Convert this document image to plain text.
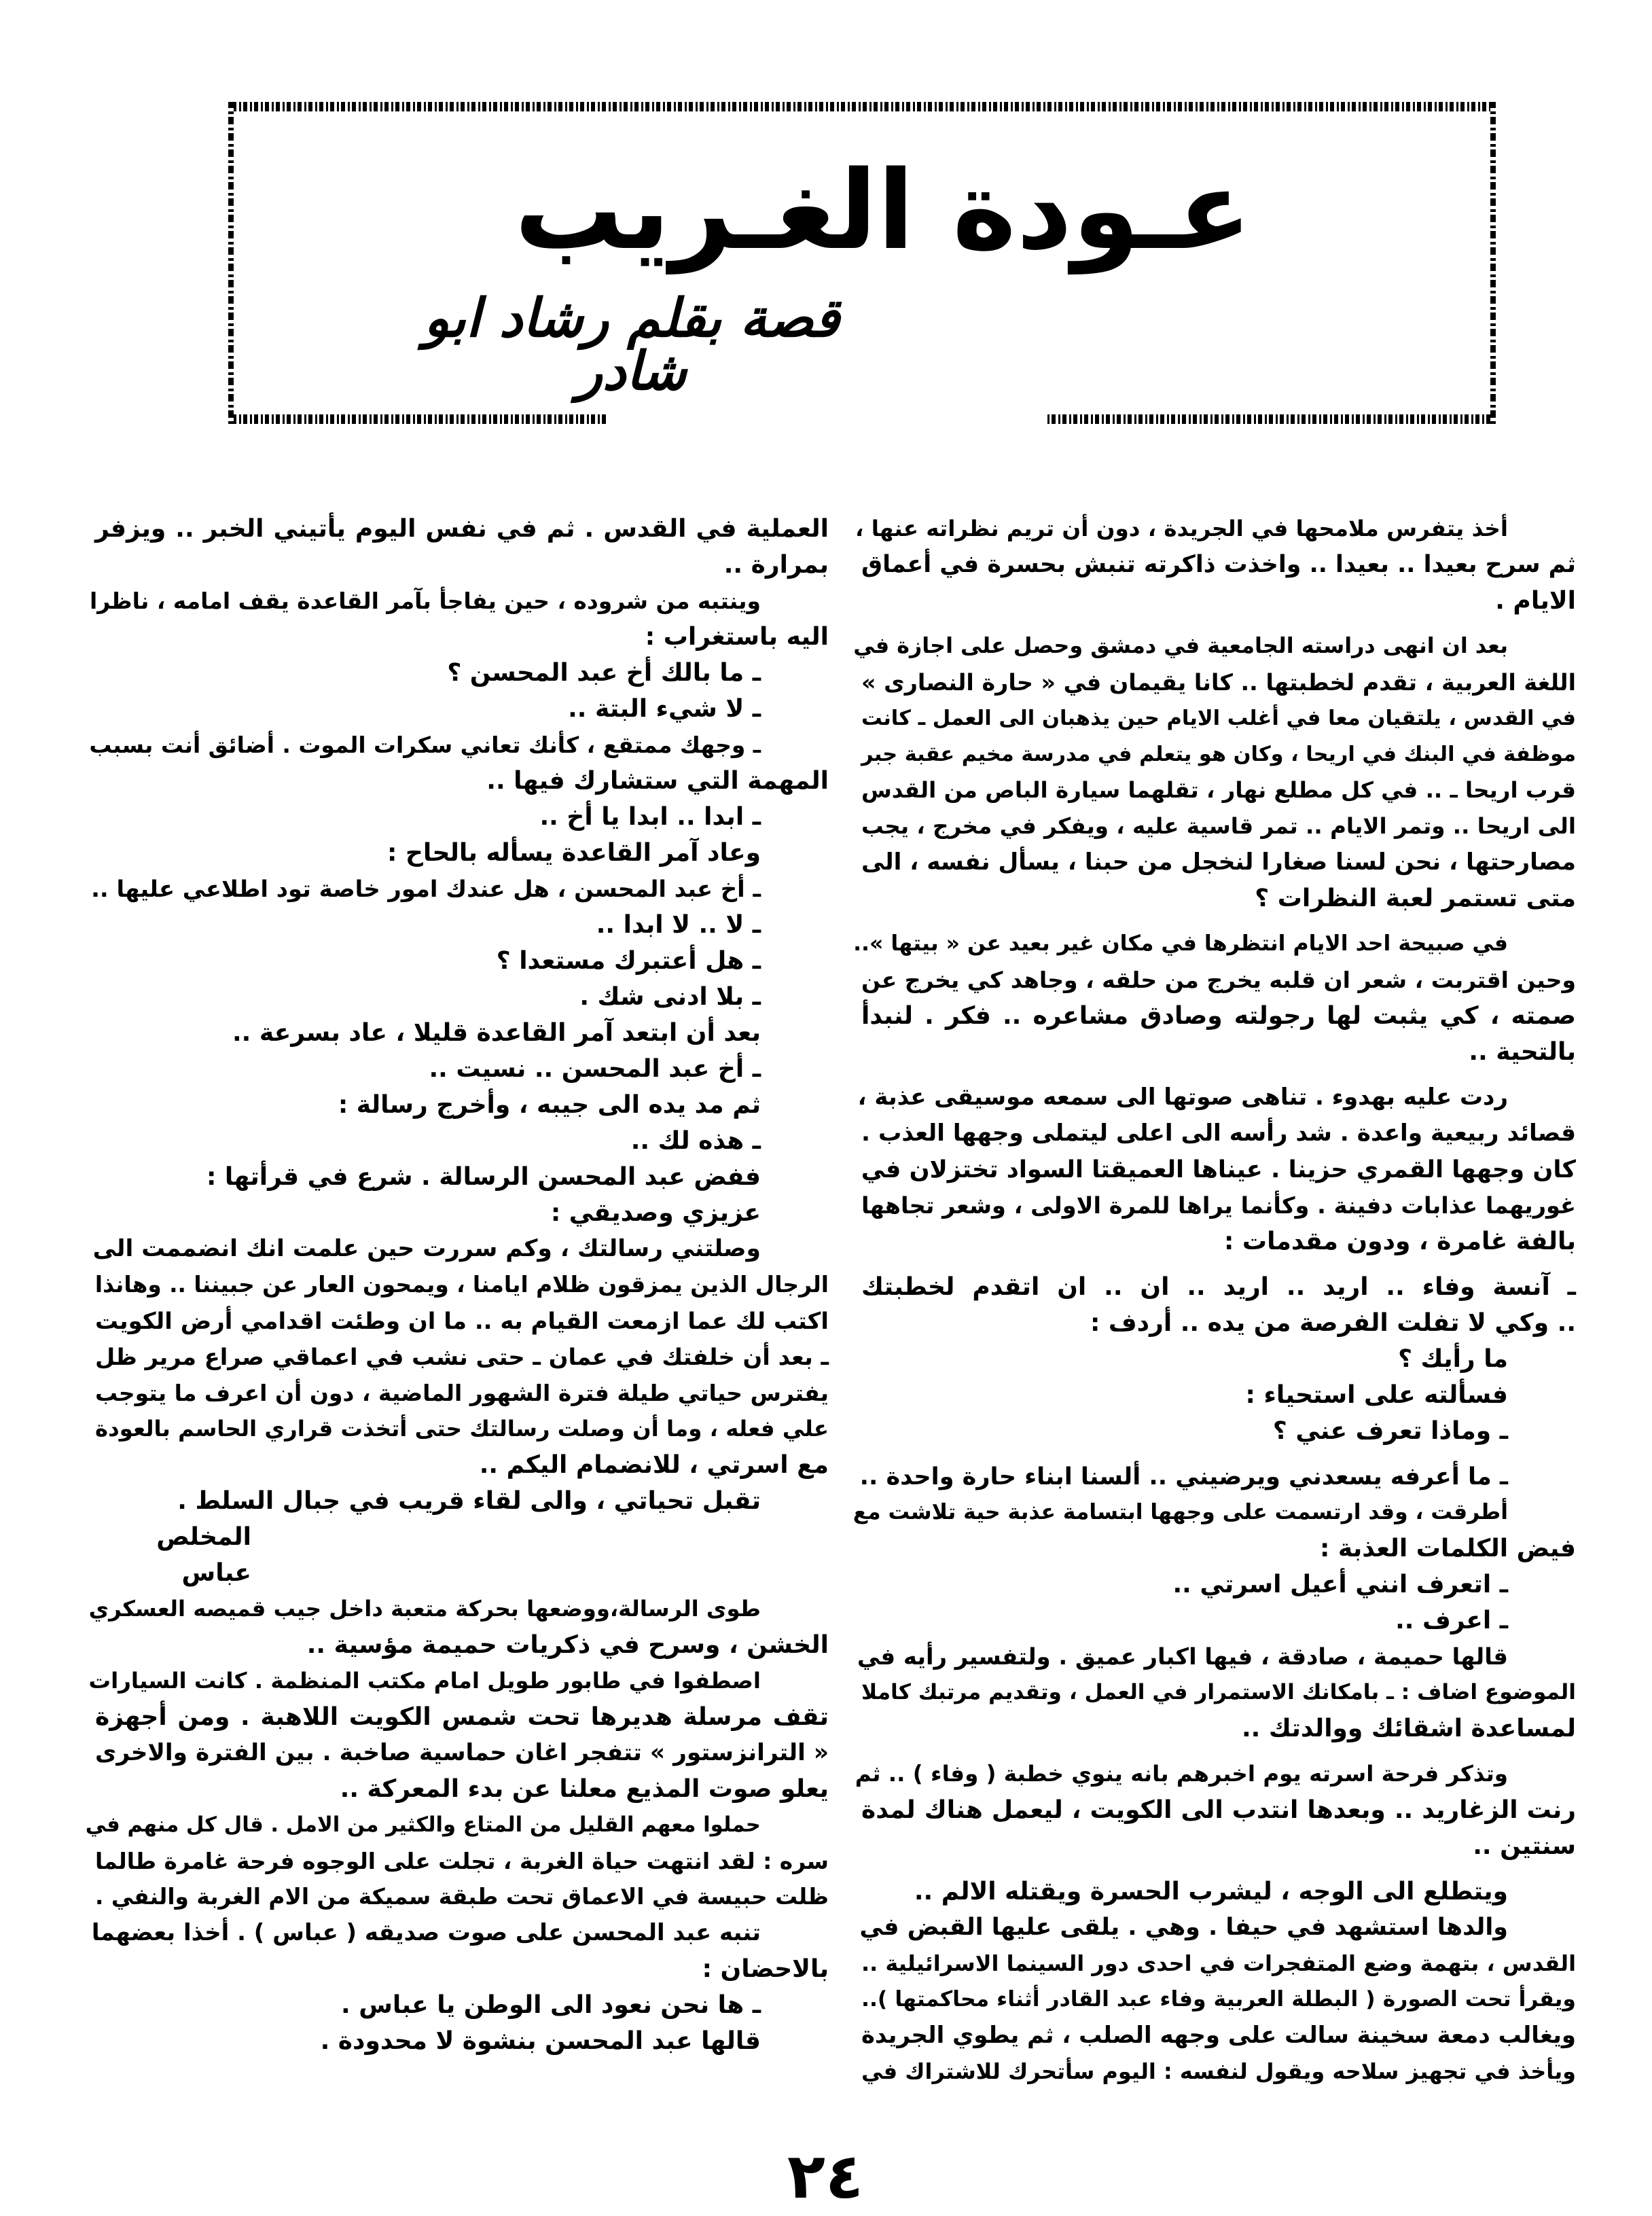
عـودة الغـريب
قصة بقلم رشاد ابو شادر
أخذ يتفرس ملامحها في الجريدة ، دون أن تريم نظراته عنها ،
ثم سرح بعيدا .. بعيدا .. واخذت ذاكرته تنبش بحسرة في أعماق
الايام .
بعد ان انهى دراسته الجامعية في دمشق وحصل على اجازة في
اللغة العربية ، تقدم لخطبتها .. كانا يقيمان في « حارة النصارى »
في القدس ، يلتقيان معا في أغلب الايام حين يذهبان الى العمل ـ كانت
موظفة في البنك في اريحا ، وكان هو يتعلم في مدرسة مخيم عقبة جبر
قرب اريحا ـ .. في كل مطلع نهار ، تقلهما سيارة الباص من القدس
الى اريحا .. وتمر الايام .. تمر قاسية عليه ، ويفكر في مخرج ، يجب
مصارحتها ، نحن لسنا صغارا لنخجل من حبنا ، يسأل نفسه ، الى
متى تستمر لعبة النظرات ؟
في صبيحة احد الايام انتظرها في مكان غير بعيد عن « بيتها »..
وحين اقتربت ، شعر ان قلبه يخرج من حلقه ، وجاهد كي يخرج عن
صمته ، كي يثبت لها رجولته وصادق مشاعره .. فكر . لنبدأ
بالتحية ..
ردت عليه بهدوء . تناهى صوتها الى سمعه موسيقى عذبة ،
قصائد ربيعية واعدة . شد رأسه الى اعلى ليتملى وجهها العذب .
كان وجهها القمري حزينا . عيناها العميقتا السواد تختزلان في
غوريهما عذابات دفينة . وكأنما يراها للمرة الاولى ، وشعر تجاهها
بالفة غامرة ، ودون مقدمات :
ـ آنسة وفاء .. اريد .. اريد .. ان .. ان اتقدم لخطبتك
.. وكي لا تفلت الفرصة من يده .. أردف :
ما رأيك ؟
فسألته على استحياء :
ـ وماذا تعرف عني ؟
ـ ما أعرفه يسعدني ويرضيني .. ألسنا ابناء حارة واحدة ..
أطرقت ، وقد ارتسمت على وجهها ابتسامة عذبة حية تلاشت مع
فيض الكلمات العذبة :
ـ اتعرف انني أعيل اسرتي ..
ـ اعرف ..
قالها حميمة ، صادقة ، فيها اكبار عميق . ولتفسير رأيه في
الموضوع اضاف : ـ بامكانك الاستمرار في العمل ، وتقديم مرتبك كاملا
لمساعدة اشقائك ووالدتك ..
وتذكر فرحة اسرته يوم اخبرهم بانه ينوي خطبة ( وفاء ) .. ثم
رنت الزغاريد .. وبعدها انتدب الى الكويت ، ليعمل هناك لمدة
سنتين ..
ويتطلع الى الوجه ، ليشرب الحسرة ويقتله الالم ..
والدها استشهد في حيفا . وهي . يلقى عليها القبض في
القدس ، بتهمة وضع المتفجرات في احدى دور السينما الاسرائيلية ..
ويقرأ تحت الصورة ( البطلة العربية وفاء عبد القادر أثناء محاكمتها )..
ويغالب دمعة سخينة سالت على وجهه الصلب ، ثم يطوي الجريدة
ويأخذ في تجهيز سلاحه ويقول لنفسه : اليوم سأتحرك للاشتراك في
العملية في القدس . ثم في نفس اليوم يأتيني الخبر .. ويزفر
بمرارة ..
وينتبه من شروده ، حين يفاجأ بآمر القاعدة يقف امامه ، ناظرا
اليه باستغراب :
ـ ما بالك أخ عبد المحسن ؟
ـ لا شيء البتة ..
ـ وجهك ممتقع ، كأنك تعاني سكرات الموت . أضائق أنت بسبب
المهمة التي ستشارك فيها ..
ـ ابدا .. ابدا يا أخ ..
وعاد آمر القاعدة يسأله بالحاح :
ـ أخ عبد المحسن ، هل عندك امور خاصة تود اطلاعي عليها ..
ـ لا .. لا ابدا ..
ـ هل أعتبرك مستعدا ؟
ـ بلا ادنى شك .
بعد أن ابتعد آمر القاعدة قليلا ، عاد بسرعة ..
ـ أخ عبد المحسن .. نسيت ..
ثم مد يده الى جيبه ، وأخرج رسالة :
ـ هذه لك ..
ففض عبد المحسن الرسالة . شرع في قرأتها :
عزيزي وصديقي :
وصلتني رسالتك ، وكم سررت حين علمت انك انضممت الى
الرجال الذين يمزقون ظلام ايامنا ، ويمحون العار عن جبيننا .. وهانذا
اكتب لك عما ازمعت القيام به .. ما ان وطئت اقدامي أرض الكويت
ـ بعد أن خلفتك في عمان ـ حتى نشب في اعماقي صراع مرير ظل
يفترس حياتي طيلة فترة الشهور الماضية ، دون أن اعرف ما يتوجب
علي فعله ، وما أن وصلت رسالتك حتى أتخذت قراري الحاسم بالعودة
مع اسرتي ، للانضمام اليكم ..
تقبل تحياتي ، والى لقاء قريب في جبال السلط .
المخلص
عباس
طوى الرسالة،ووضعها بحركة متعبة داخل جيب قميصه العسكري
الخشن ، وسرح في ذكريات حميمة مؤسية ..
اصطفوا في طابور طويل امام مكتب المنظمة . كانت السيارات
تقف مرسلة هديرها تحت شمس الكويت اللاهبة . ومن أجهزة
« الترانزستور » تتفجر اغان حماسية صاخبة . بين الفترة والاخرى
يعلو صوت المذيع معلنا عن بدء المعركة ..
حملوا معهم القليل من المتاع والكثير من الامل . قال كل منهم في
سره : لقد انتهت حياة الغربة ، تجلت على الوجوه فرحة غامرة طالما
ظلت حبيسة في الاعماق تحت طبقة سميكة من الام الغربة والنفي .
تنبه عبد المحسن على صوت صديقه ( عباس ) . أخذا بعضهما
بالاحضان :
ـ ها نحن نعود الى الوطن يا عباس .
قالها عبد المحسن بنشوة لا محدودة .
٢٤
